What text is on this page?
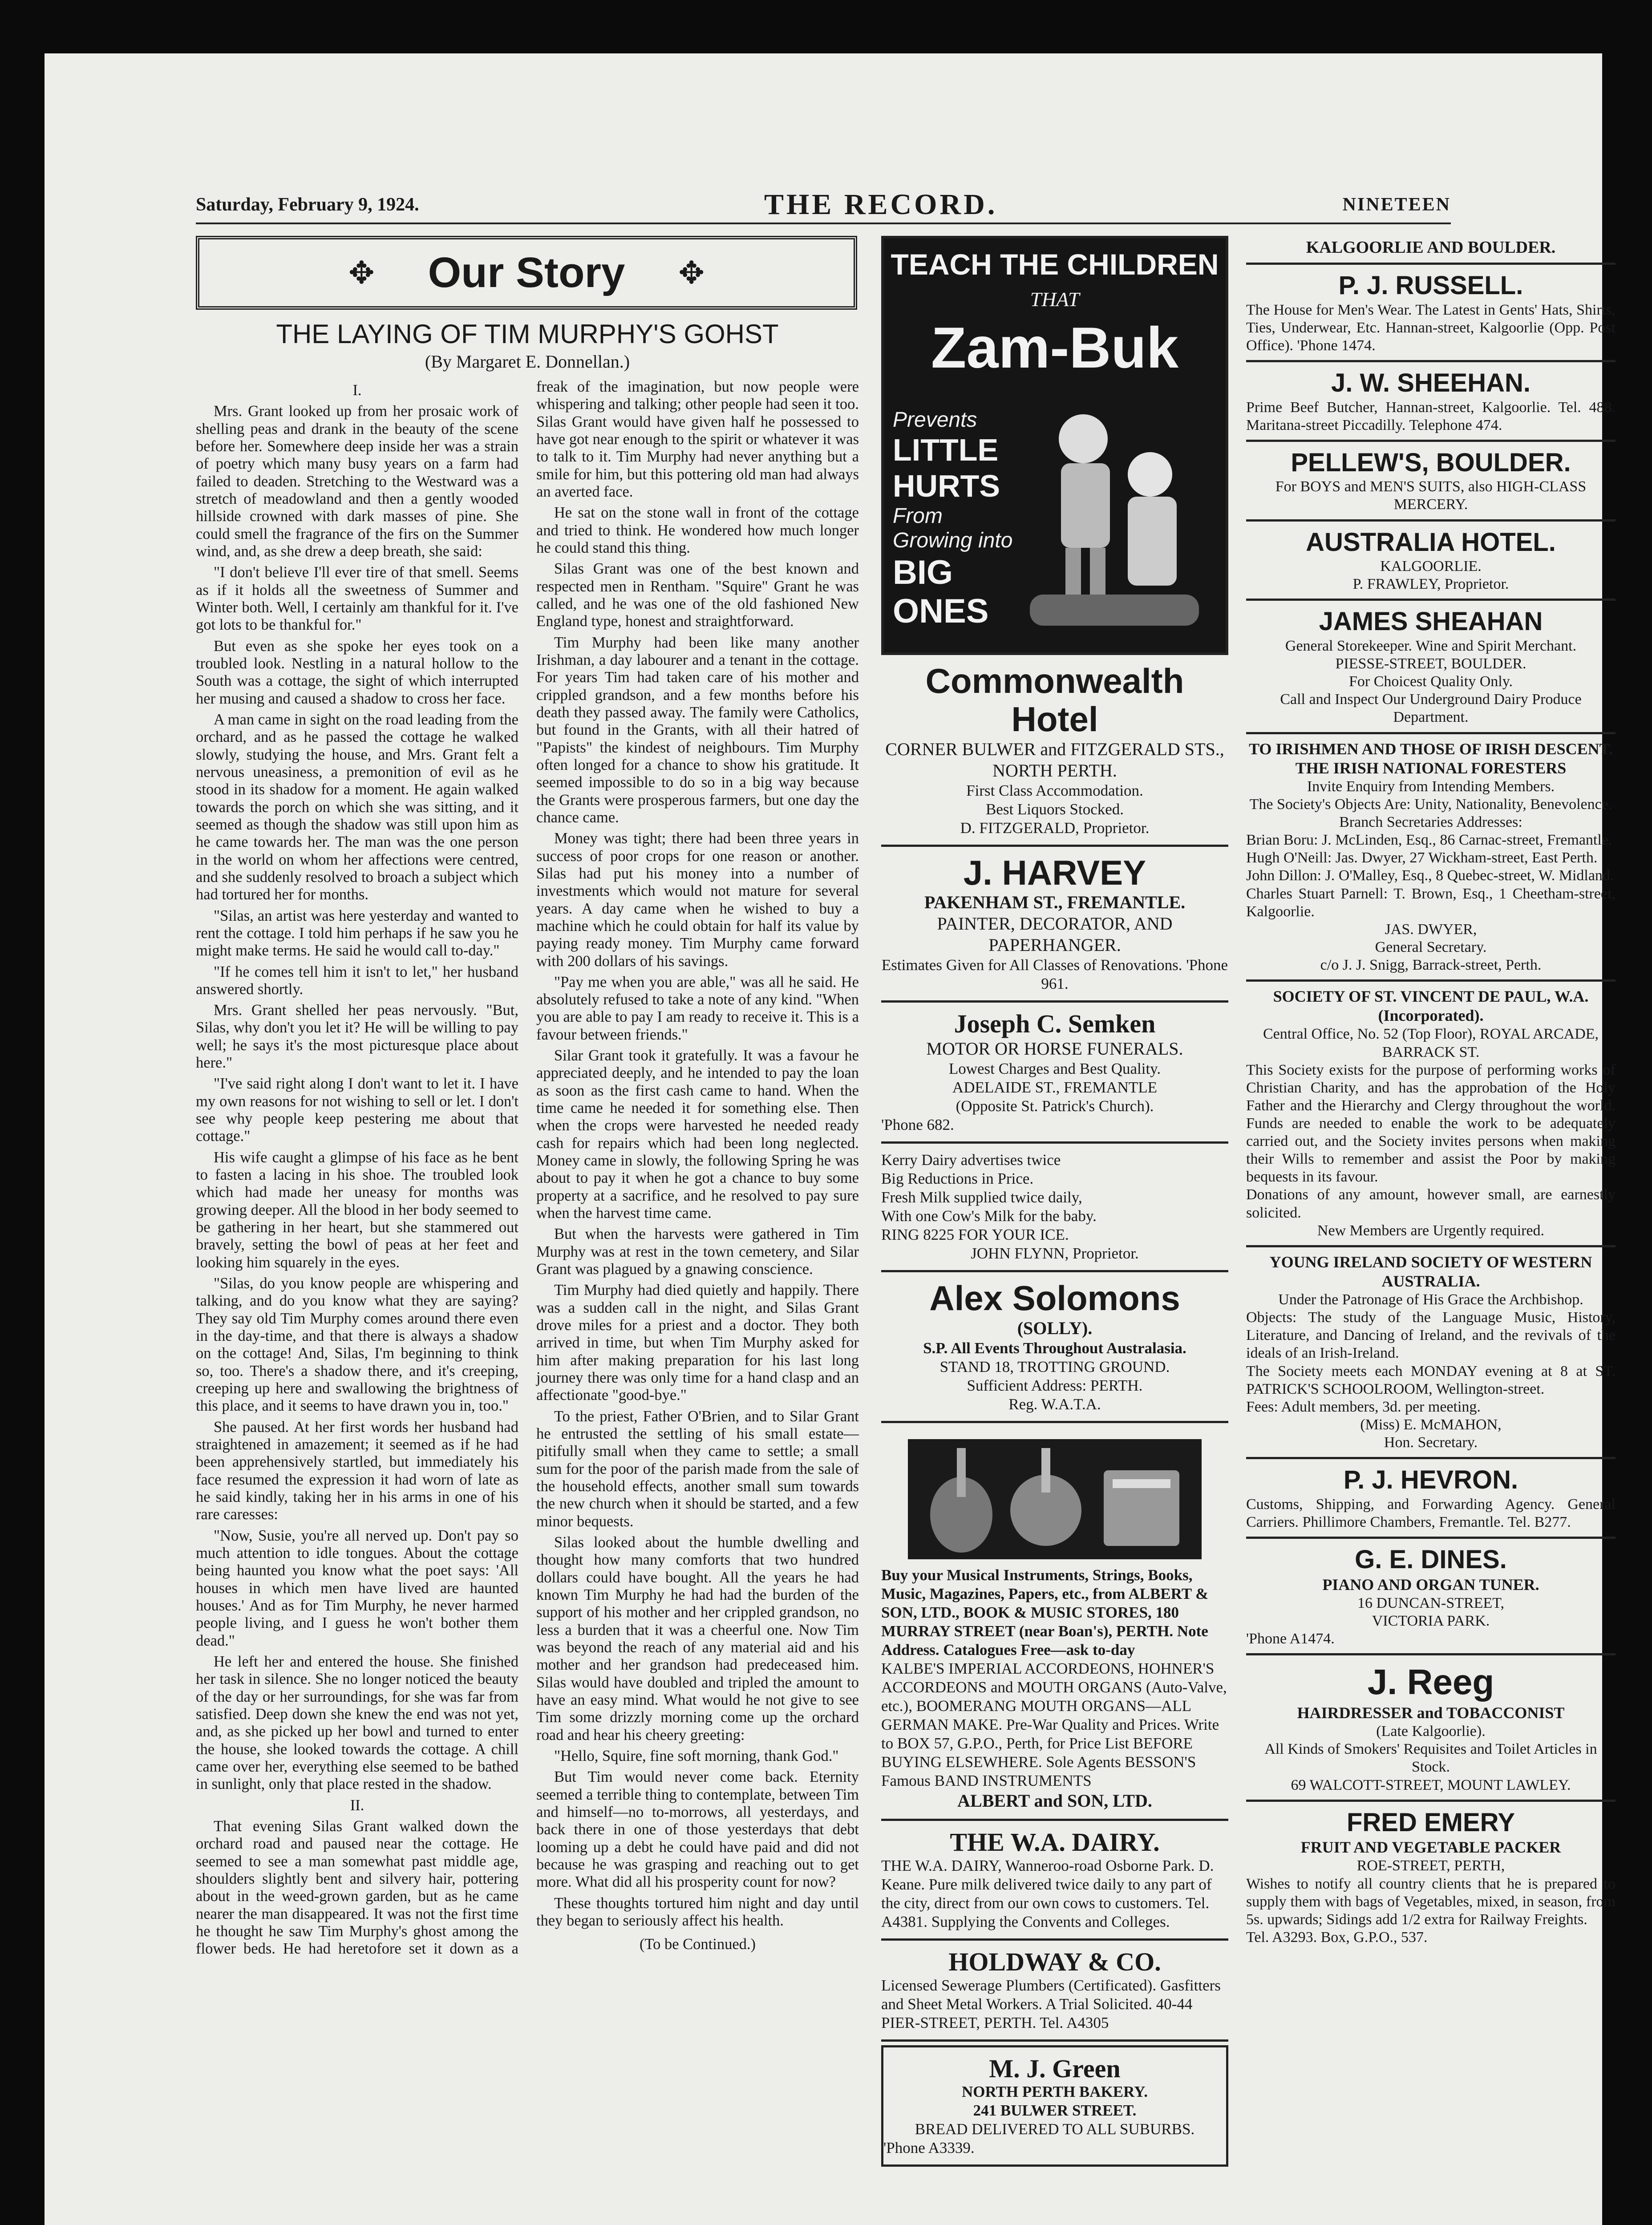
Saturday, February 9, 1924.	THE RECORD.	NINETEEN
✥ Our Story ✥
THE LAYING OF TIM MURPHY'S GOHST
(By Margaret E. Donnellan.)

I.

Mrs. Grant looked up from her prosaic work of shelling peas and drank in the beauty of the scene before her. Somewhere deep inside her was a strain of poetry which many busy years on a farm had failed to deaden. Stretching to the Westward was a stretch of meadowland and then a gently wooded hillside crowned with dark masses of pine. She could smell the fragrance of the firs on the Summer wind, and, as she drew a deep breath, she said:

"I don't believe I'll ever tire of that smell. Seems as if it holds all the sweetness of Summer and Winter both. Well, I certainly am thankful for it. I've got lots to be thankful for."

But even as she spoke her eyes took on a troubled look. Nestling in a natural hollow to the South was a cottage, the sight of which interrupted her musing and caused a shadow to cross her face.

A man came in sight on the road leading from the orchard, and as he passed the cottage he walked slowly, studying the house, and Mrs. Grant felt a nervous uneasiness, a premonition of evil as he stood in its shadow for a moment. He again walked towards the porch on which she was sitting, and it seemed as though the shadow was still upon him as he came towards her. The man was the one person in the world on whom her affections were centred, and she suddenly resolved to broach a subject which had tortured her for months.

"Silas, an artist was here yesterday and wanted to rent the cottage. I told him perhaps if he saw you he might make terms. He said he would call to-day."

"If he comes tell him it isn't to let," her husband answered shortly.

Mrs. Grant shelled her peas nervously. "But, Silas, why don't you let it? He will be willing to pay well; he says it's the most picturesque place about here."

"I've said right along I don't want to let it. I have my own reasons for not wishing to sell or let. I don't see why people keep pestering me about that cottage."

His wife caught a glimpse of his face as he bent to fasten a lacing in his shoe. The troubled look which had made her uneasy for months was growing deeper. All the blood in her body seemed to be gathering in her heart, but she stammered out bravely, setting the bowl of peas at her feet and looking him squarely in the eyes.

"Silas, do you know people are whispering and talking, and do you know what they are saying? They say old Tim Murphy comes around there even in the day-time, and that there is always a shadow on the cottage! And, Silas, I'm beginning to think so, too. There's a shadow there, and it's creeping, creeping up here and swallowing the brightness of this place, and it seems to have drawn you in, too."

She paused. At her first words her husband had straightened in amazement; it seemed as if he had been apprehensively startled, but immediately his face resumed the expression it had worn of late as he said kindly, taking her in his arms in one of his rare caresses:

"Now, Susie, you're all nerved up. Don't pay so much attention to idle tongues. About the cottage being haunted you know what the poet says: 'All houses in which men have lived are haunted houses.' And as for Tim Murphy, he never harmed people living, and I guess he won't bother them dead."

He left her and entered the house. She finished her task in silence. She no longer noticed the beauty of the day or her surroundings, for she was far from satisfied. Deep down she knew the end was not yet, and, as she picked up her bowl and turned to enter the house, she looked towards the cottage. A chill came over her, everything else seemed to be bathed in sunlight, only that place rested in the shadow.

II.

That evening Silas Grant walked down the orchard road and paused near the cottage. He seemed to see a man somewhat past middle age, shoulders slightly bent and silvery hair, pottering about in the weed-grown garden, but as he came nearer the man disappeared. It was not the first time he thought he saw Tim Murphy's ghost among the flower beds. He had heretofore set it down as a freak of the imagination, but now people were whispering and talking; other people had seen it too. Silas Grant would have given half he possessed to have got near enough to the spirit or whatever it was to talk to it. Tim Murphy had never anything but a smile for him, but this pottering old man had always an averted face.

He sat on the stone wall in front of the cottage and tried to think. He wondered how much longer he could stand this thing.

Silas Grant was one of the best known and respected men in Rentham. "Squire" Grant he was called, and he was one of the old fashioned New England type, honest and straightforward.

Tim Murphy had been like many another Irishman, a day labourer and a tenant in the cottage. For years Tim had taken care of his mother and crippled grandson, and a few months before his death they passed away. The family were Catholics, but found in the Grants, with all their hatred of "Papists" the kindest of neighbours. Tim Murphy often longed for a chance to show his gratitude. It seemed impossible to do so in a big way because the Grants were prosperous farmers, but one day the chance came.

Money was tight; there had been three years in success of poor crops for one reason or another. Silas had put his money into a number of investments which would not mature for several years. A day came when he wished to buy a machine which he could obtain for half its value by paying ready money. Tim Murphy came forward with 200 dollars of his savings.

"Pay me when you are able," was all he said. He absolutely refused to take a note of any kind. "When you are able to pay I am ready to receive it. This is a favour between friends."

Silar Grant took it gratefully. It was a favour he appreciated deeply, and he intended to pay the loan as soon as the first cash came to hand. When the time came he needed it for something else. Then when the crops were harvested he needed ready cash for repairs which had been long neglected. Money came in slowly, the following Spring he was about to pay it when he got a chance to buy some property at a sacrifice, and he resolved to pay sure when the harvest time came.

But when the harvests were gathered in Tim Murphy was at rest in the town cemetery, and Silar Grant was plagued by a gnawing conscience.

Tim Murphy had died quietly and happily. There was a sudden call in the night, and Silas Grant drove miles for a priest and a doctor. They both arrived in time, but when Tim Murphy asked for him after making preparation for his last long journey there was only time for a hand clasp and an affectionate "good-bye."

To the priest, Father O'Brien, and to Silar Grant he entrusted the settling of his small estate—pitifully small when they came to settle; a small sum for the poor of the parish made from the sale of the household effects, another small sum towards the new church when it should be started, and a few minor bequests.

Silas looked about the humble dwelling and thought how many comforts that two hundred dollars could have bought. All the years he had known Tim Murphy he had had the burden of the support of his mother and her crippled grandson, no less a burden that it was a cheerful one. Now Tim was beyond the reach of any material aid and his mother and her grandson had predeceased him. Silas would have doubled and tripled the amount to have an easy mind. What would he not give to see Tim some drizzly morning come up the orchard road and hear his cheery greeting:

"Hello, Squire, fine soft morning, thank God."

But Tim would never come back. Eternity seemed a terrible thing to contemplate, between Tim and himself—no to-morrows, all yesterdays, and back there in one of those yesterdays that debt looming up a debt he could have paid and did not because he was grasping and reaching out to get more. What did all his prosperity count for now?

These thoughts tortured him night and day until they began to seriously affect his health.

(To be Continued.)

TEACH THE CHILDREN
THAT
Zam-Buk
Prevents
LITTLE
HURTS
From
Growing into
BIG
ONES
Commonwealth Hotel
CORNER BULWER and FITZGERALD STS., NORTH PERTH.
First Class Accommodation.
Best Liquors Stocked.
D. FITZGERALD, Proprietor.
J. HARVEY
PAKENHAM ST., FREMANTLE.
PAINTER, DECORATOR, AND PAPERHANGER.
Estimates Given for All Classes of Renovations. 'Phone 961.
Joseph C. Semken
MOTOR OR HORSE FUNERALS.
Lowest Charges and Best Quality.
ADELAIDE ST., FREMANTLE
(Opposite St. Patrick's Church).
'Phone 682.
Kerry Dairy advertises twice
Big Reductions in Price.
Fresh Milk supplied twice daily,
With one Cow's Milk for the baby.
RING 8225 FOR YOUR ICE.
JOHN FLYNN, Proprietor.
Alex Solomons
(SOLLY).
S.P. All Events Throughout Australasia.
STAND 18, TROTTING GROUND.
Sufficient Address: PERTH.
Reg. W.A.T.A.
Buy your Musical Instruments, Strings, Books, Music, Magazines, Papers, etc., from ALBERT & SON, LTD., BOOK & MUSIC STORES, 180 MURRAY STREET (near Boan's), PERTH. Note Address. Catalogues Free—ask to-day
KALBE'S IMPERIAL ACCORDEONS, HOHNER'S ACCORDEONS and MOUTH ORGANS (Auto-Valve, etc.), BOOMERANG MOUTH ORGANS—ALL GERMAN MAKE. Pre-War Quality and Prices. Write to BOX 57, G.P.O., Perth, for Price List BEFORE BUYING ELSEWHERE. Sole Agents BESSON'S Famous BAND INSTRUMENTS
ALBERT and SON, LTD.
THE W.A. DAIRY.
THE W.A. DAIRY, Wanneroo-road Osborne Park. D. Keane. Pure milk delivered twice daily to any part of the city, direct from our own cows to customers. Tel. A4381. Supplying the Convents and Colleges.
HOLDWAY & CO.
Licensed Sewerage Plumbers (Certificated). Gasfitters and Sheet Metal Workers. A Trial Solicited. 40-44 PIER-STREET, PERTH. Tel. A4305
M. J. Green
NORTH PERTH BAKERY.
241 BULWER STREET.
BREAD DELIVERED TO ALL SUBURBS.
'Phone A3339.
KALGOORLIE AND BOULDER.
P. J. RUSSELL.
The House for Men's Wear. The Latest in Gents' Hats, Shirts, Ties, Underwear, Etc. Hannan-street, Kalgoorlie (Opp. Post Office). 'Phone 1474.
J. W. SHEEHAN.
Prime Beef Butcher, Hannan-street, Kalgoorlie. Tel. 488. Maritana-street Piccadilly. Telephone 474.
PELLEW'S, BOULDER.
For BOYS and MEN'S SUITS, also HIGH-CLASS MERCERY.
AUSTRALIA HOTEL.
KALGOORLIE.
P. FRAWLEY, Proprietor.
JAMES SHEAHAN
General Storekeeper. Wine and Spirit Merchant.
PIESSE-STREET, BOULDER.
For Choicest Quality Only.
Call and Inspect Our Underground Dairy Produce Department.
TO IRISHMEN AND THOSE OF IRISH DESCENT.
THE IRISH NATIONAL FORESTERS
Invite Enquiry from Intending Members.
The Society's Objects Are: Unity, Nationality, Benevolence.
Branch Secretaries Addresses:
Brian Boru: J. McLinden, Esq., 86 Carnac-street, Fremantle.
Hugh O'Neill: Jas. Dwyer, 27 Wickham-street, East Perth.
John Dillon: J. O'Malley, Esq., 8 Quebec-street, W. Midland.
Charles Stuart Parnell: T. Brown, Esq., 1 Cheetham-street, Kalgoorlie.
JAS. DWYER,
General Secretary.
c/o J. J. Snigg, Barrack-street, Perth.
SOCIETY OF ST. VINCENT DE PAUL, W.A. (Incorporated).
Central Office, No. 52 (Top Floor), ROYAL ARCADE, BARRACK ST.
This Society exists for the purpose of performing works of Christian Charity, and has the approbation of the Holy Father and the Hierarchy and Clergy throughout the world. Funds are needed to enable the work to be adequately carried out, and the Society invites persons when making their Wills to remember and assist the Poor by making bequests in its favour.
Donations of any amount, however small, are earnestly solicited.
New Members are Urgently required.
YOUNG IRELAND SOCIETY OF WESTERN AUSTRALIA.
Under the Patronage of His Grace the Archbishop.
Objects: The study of the Language Music, History, Literature, and Dancing of Ireland, and the revivals of the ideals of an Irish-Ireland.
The Society meets each MONDAY evening at 8 at ST. PATRICK'S SCHOOLROOM, Wellington-street.
Fees: Adult members, 3d. per meeting.
(Miss) E. McMAHON,
Hon. Secretary.
P. J. HEVRON.
Customs, Shipping, and Forwarding Agency. General Carriers. Phillimore Chambers, Fremantle. Tel. B277.
G. E. DINES.
PIANO AND ORGAN TUNER.
16 DUNCAN-STREET,
VICTORIA PARK.
'Phone A1474.
J. Reeg
HAIRDRESSER and TOBACCONIST
(Late Kalgoorlie).
All Kinds of Smokers' Requisites and Toilet Articles in Stock.
69 WALCOTT-STREET, MOUNT LAWLEY.
FRED EMERY
FRUIT AND VEGETABLE PACKER
ROE-STREET, PERTH,
Wishes to notify all country clients that he is prepared to supply them with bags of Vegetables, mixed, in season, from 5s. upwards; Sidings add 1/2 extra for Railway Freights.
Tel. A3293. Box, G.P.O., 537.
